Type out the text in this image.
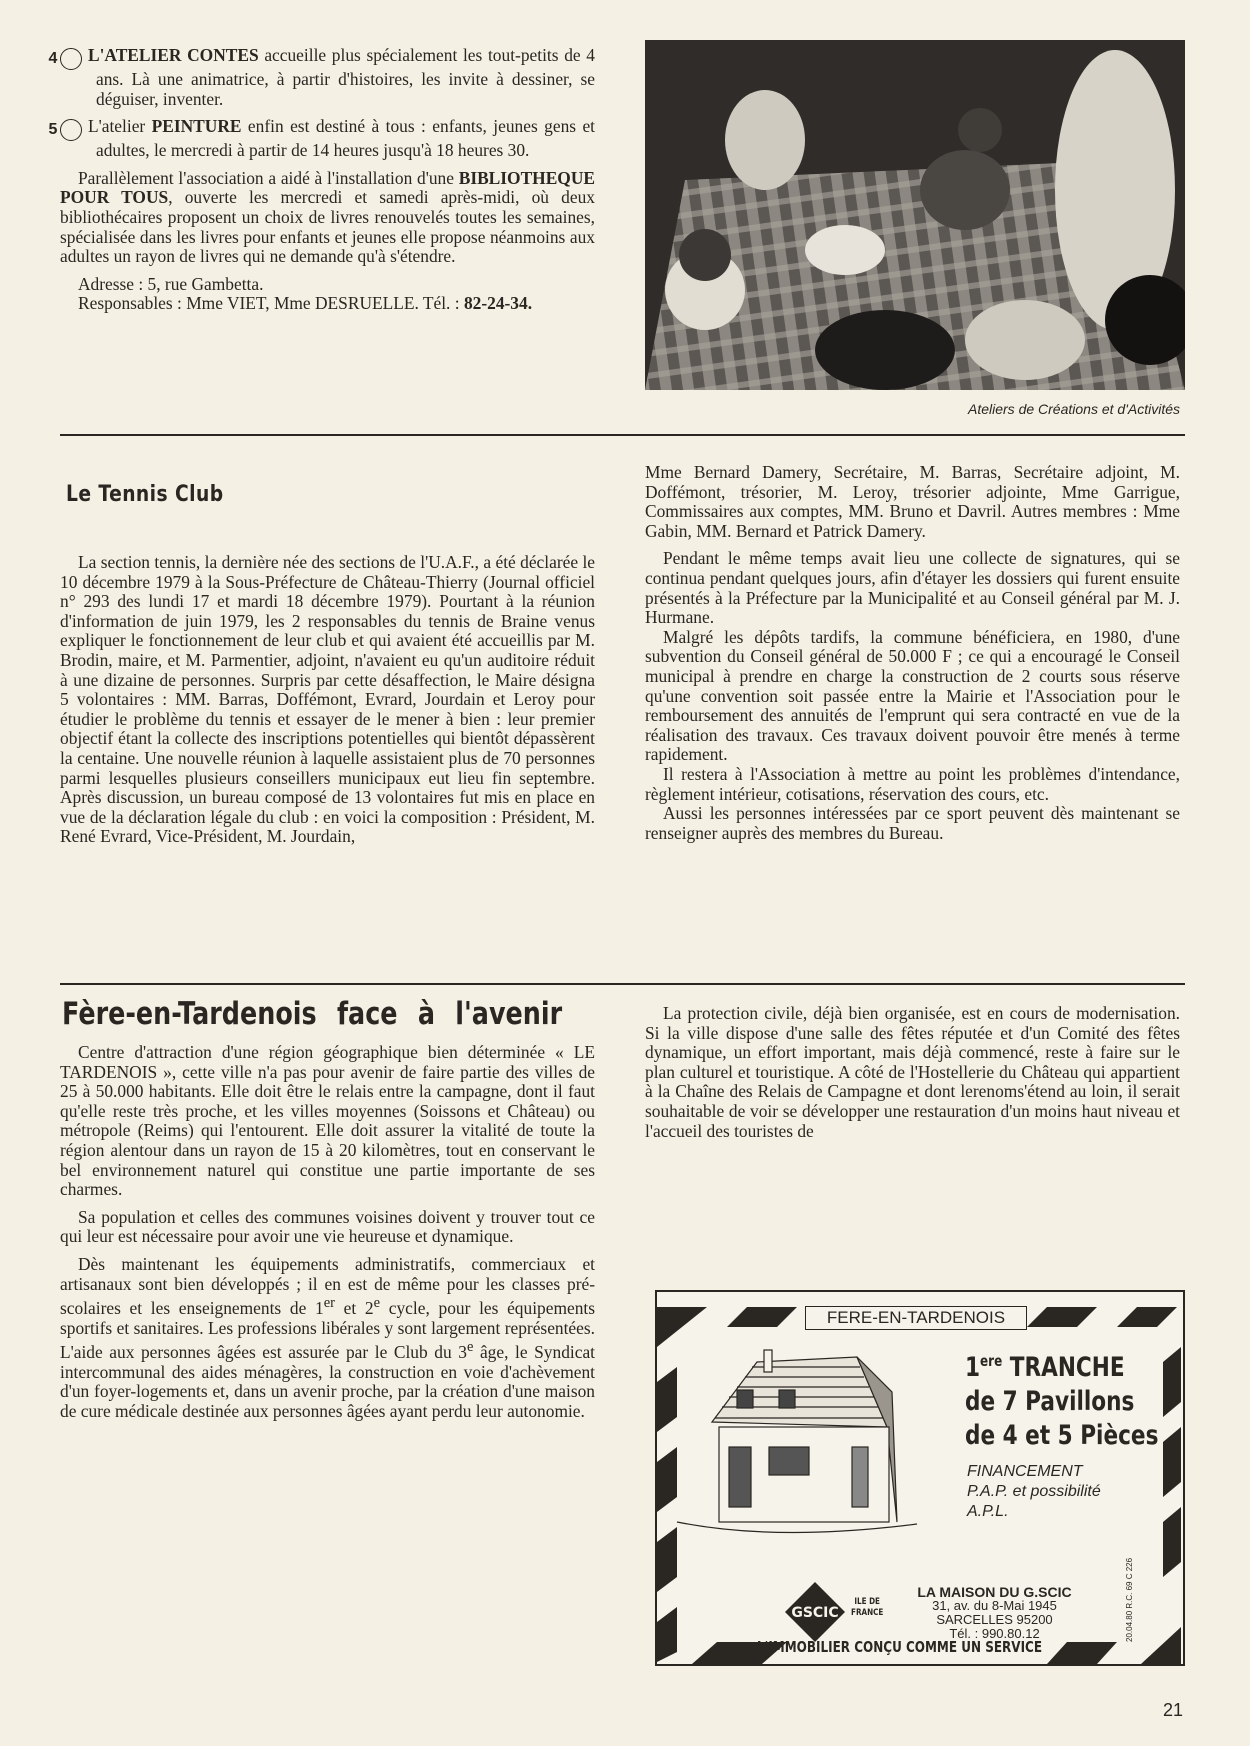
4 L'ATELIER CONTES accueille plus spécialement les tout-petits de 4 ans. Là une animatrice, à partir d'histoires, les invite à dessiner, se déguiser, inventer.

5 L'atelier PEINTURE enfin est destiné à tous : enfants, jeunes gens et adultes, le mercredi à partir de 14 heures jusqu'à 18 heures 30.

Parallèlement l'association a aidé à l'installation d'une BIBLIOTHEQUE POUR TOUS, ouverte les mercredi et samedi après-midi, où deux bibliothécaires proposent un choix de livres renouvelés toutes les semaines, spécialisée dans les livres pour enfants et jeunes elle propose néanmoins aux adultes un rayon de livres qui ne demande qu'à s'étendre.

Adresse : 5, rue Gambetta.

Responsables : Mme VIET, Mme DESRUELLE. Tél. : 82-24-34.

Ateliers de Créations et d'Activités
Le Tennis Club

La section tennis, la dernière née des sections de l'U.A.F., a été déclarée le 10 décembre 1979 à la Sous-Préfecture de Château-Thierry (Journal officiel n° 293 des lundi 17 et mardi 18 décembre 1979). Pourtant à la réunion d'information de juin 1979, les 2 responsables du tennis de Braine venus expliquer le fonctionnement de leur club et qui avaient été accueillis par M. Brodin, maire, et M. Parmentier, adjoint, n'avaient eu qu'un auditoire réduit à une dizaine de personnes. Surpris par cette désaffection, le Maire désigna 5 volontaires : MM. Barras, Doffémont, Evrard, Jourdain et Leroy pour étudier le problème du tennis et essayer de le mener à bien : leur premier objectif étant la collecte des inscriptions potentielles qui bientôt dépassèrent la centaine. Une nouvelle réunion à laquelle assistaient plus de 70 personnes parmi lesquelles plusieurs conseillers municipaux eut lieu fin septembre. Après discussion, un bureau composé de 13 volontaires fut mis en place en vue de la déclaration légale du club : en voici la composition : Président, M. René Evrard, Vice-Président, M. Jourdain,

Mme Bernard Damery, Secrétaire, M. Barras, Secrétaire adjoint, M. Doffémont, trésorier, M. Leroy, trésorier adjointe, Mme Garrigue, Commissaires aux comptes, MM. Bruno et Davril. Autres membres : Mme Gabin, MM. Bernard et Patrick Damery.

Pendant le même temps avait lieu une collecte de signatures, qui se continua pendant quelques jours, afin d'étayer les dossiers qui furent ensuite présentés à la Préfecture par la Municipalité et au Conseil général par M. J. Hurmane.

Malgré les dépôts tardifs, la commune bénéficiera, en 1980, d'une subvention du Conseil général de 50.000 F ; ce qui a encouragé le Conseil municipal à prendre en charge la construction de 2 courts sous réserve qu'une convention soit passée entre la Mairie et l'Association pour le remboursement des annuités de l'emprunt qui sera contracté en vue de la réalisation des travaux. Ces travaux doivent pouvoir être menés à terme rapidement.

Il restera à l'Association à mettre au point les problèmes d'intendance, règlement intérieur, cotisations, réservation des cours, etc.

Aussi les personnes intéressées par ce sport peuvent dès maintenant se renseigner auprès des membres du Bureau.

Fère-en-Tardenois face à l'avenir

Centre d'attraction d'une région géographique bien déterminée « LE TARDENOIS », cette ville n'a pas pour avenir de faire partie des villes de 25 à 50.000 habitants. Elle doit être le relais entre la campagne, dont il faut qu'elle reste très proche, et les villes moyennes (Soissons et Château) ou métropole (Reims) qui l'entourent. Elle doit assurer la vitalité de toute la région alentour dans un rayon de 15 à 20 kilomètres, tout en conservant le bel environnement naturel qui constitue une partie importante de ses charmes.

Sa population et celles des communes voisines doivent y trouver tout ce qui leur est nécessaire pour avoir une vie heureuse et dynamique.

Dès maintenant les équipements administratifs, commerciaux et artisanaux sont bien développés ; il en est de même pour les classes pré-scolaires et les enseignements de 1er et 2e cycle, pour les équipements sportifs et sanitaires. Les professions libérales y sont largement représentées. L'aide aux personnes âgées est assurée par le Club du 3e âge, le Syndicat intercommunal des aides ménagères, la construction en voie d'achèvement d'un foyer-logements et, dans un avenir proche, par la création d'une maison de cure médicale destinée aux personnes âgées ayant perdu leur autonomie.

La protection civile, déjà bien organisée, est en cours de modernisation. Si la ville dispose d'une salle des fêtes réputée et d'un Comité des fêtes dynamique, un effort important, mais déjà commencé, reste à faire sur le plan culturel et touristique. A côté de l'Hostellerie du Château qui appartient à la Chaîne des Relais de Campagne et dont lerenoms'étend au loin, il serait souhaitable de voir se développer une restauration d'un moins haut niveau et l'accueil des touristes de

FERE-EN-TARDENOIS
1ere TRANCHE
de 7 Pavillons
de 4 et 5 Pièces
FINANCEMENT
P.A.P. et possibilité
A.P.L.
GSCIC
ILE DE
FRANCE
LA MAISON DU G.SCIC
31, av. du 8-Mai 1945
SARCELLES 95200
Tél. : 990.80.12
L'IMMOBILIER CONÇU COMME UN SERVICE
20.04.80 R.C. 69 C 226
21
